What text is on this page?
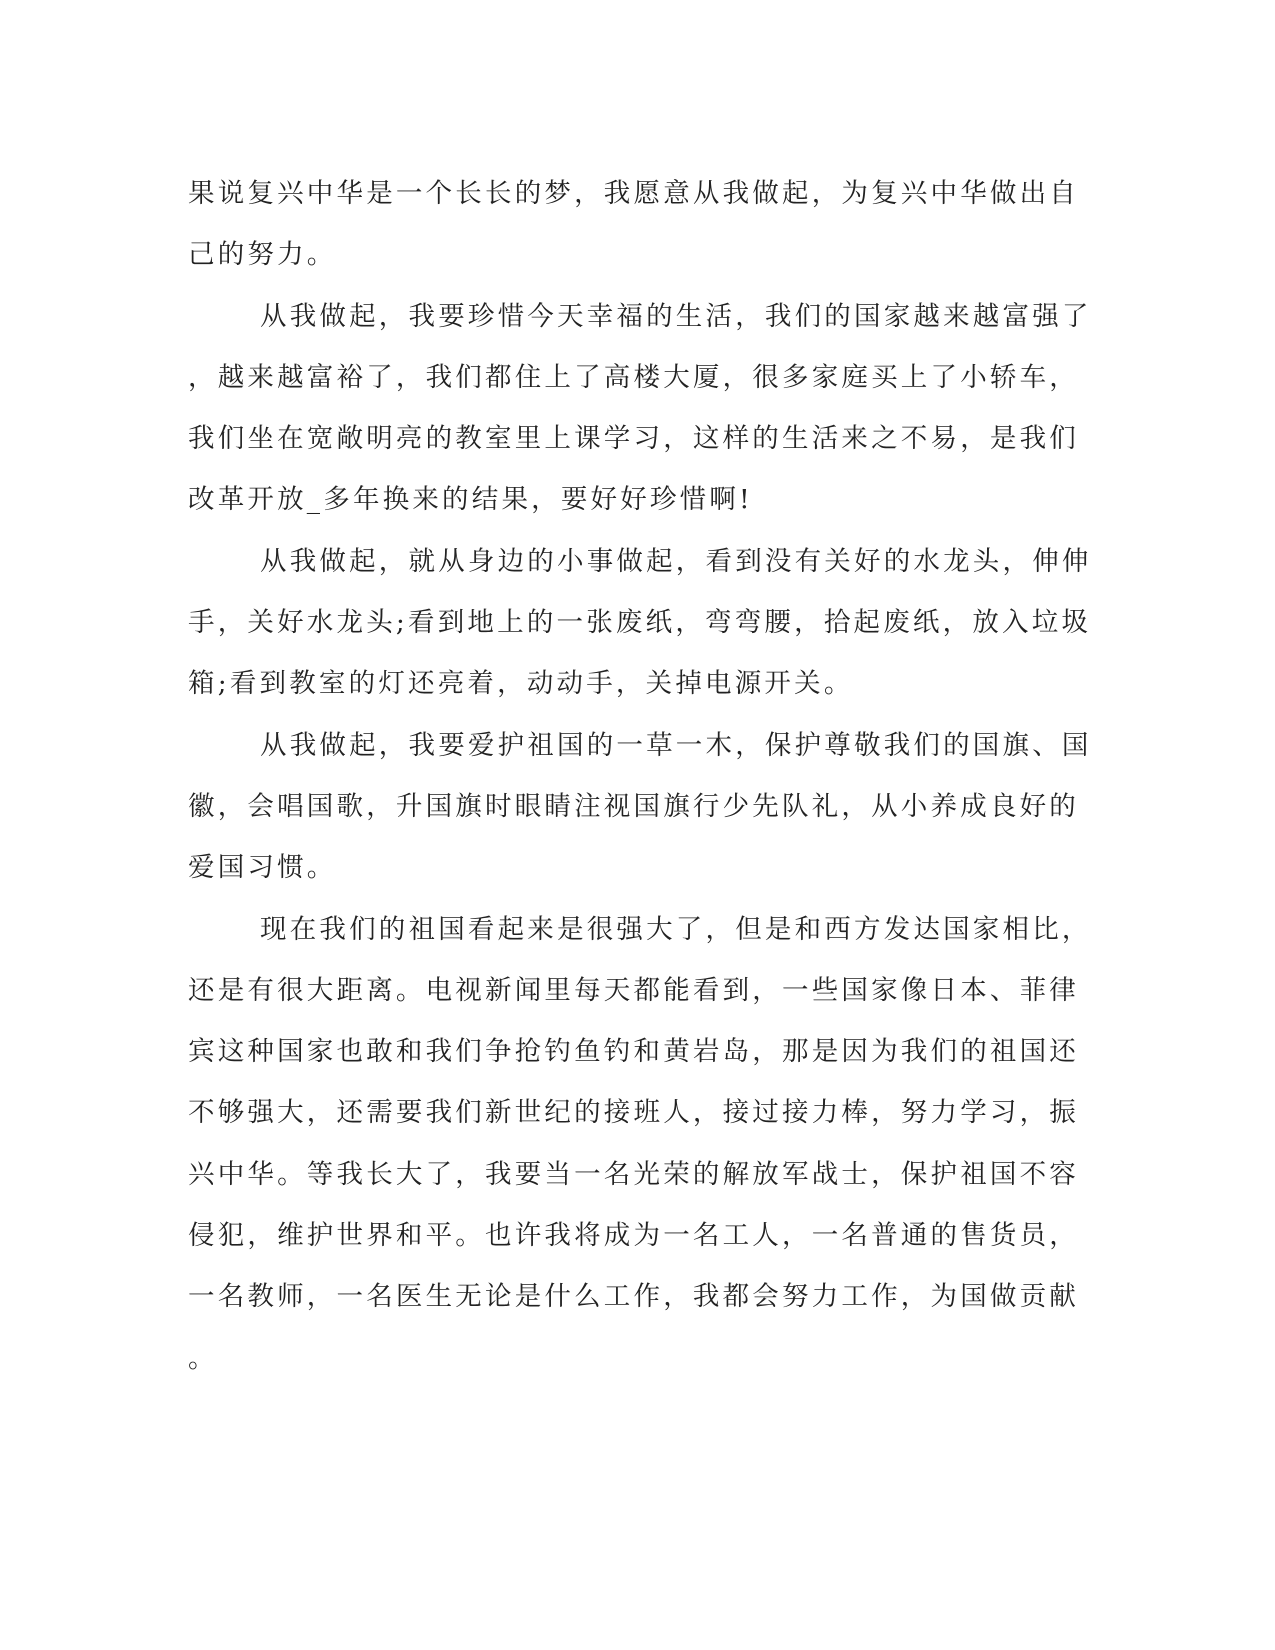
果说复兴中华是一个长长的梦，我愿意从我做起，为复兴中华做出自
己的努力。
从我做起，我要珍惜今天幸福的生活，我们的国家越来越富强了
，越来越富裕了，我们都住上了高楼大厦，很多家庭买上了小轿车，
我们坐在宽敞明亮的教室里上课学习，这样的生活来之不易，是我们
改革开放_多年换来的结果，要好好珍惜啊!
从我做起，就从身边的小事做起，看到没有关好的水龙头，伸伸
手，关好水龙头;看到地上的一张废纸，弯弯腰，拾起废纸，放入垃圾
箱;看到教室的灯还亮着，动动手，关掉电源开关。
从我做起，我要爱护祖国的一草一木，保护尊敬我们的国旗、国
徽，会唱国歌，升国旗时眼睛注视国旗行少先队礼，从小养成良好的
爱国习惯。
现在我们的祖国看起来是很强大了，但是和西方发达国家相比，
还是有很大距离。电视新闻里每天都能看到，一些国家像日本、菲律
宾这种国家也敢和我们争抢钓鱼钓和黄岩岛，那是因为我们的祖国还
不够强大，还需要我们新世纪的接班人，接过接力棒，努力学习，振
兴中华。等我长大了，我要当一名光荣的解放军战士，保护祖国不容
侵犯，维护世界和平。也许我将成为一名工人，一名普通的售货员，
一名教师，一名医生无论是什么工作，我都会努力工作，为国做贡献
。
